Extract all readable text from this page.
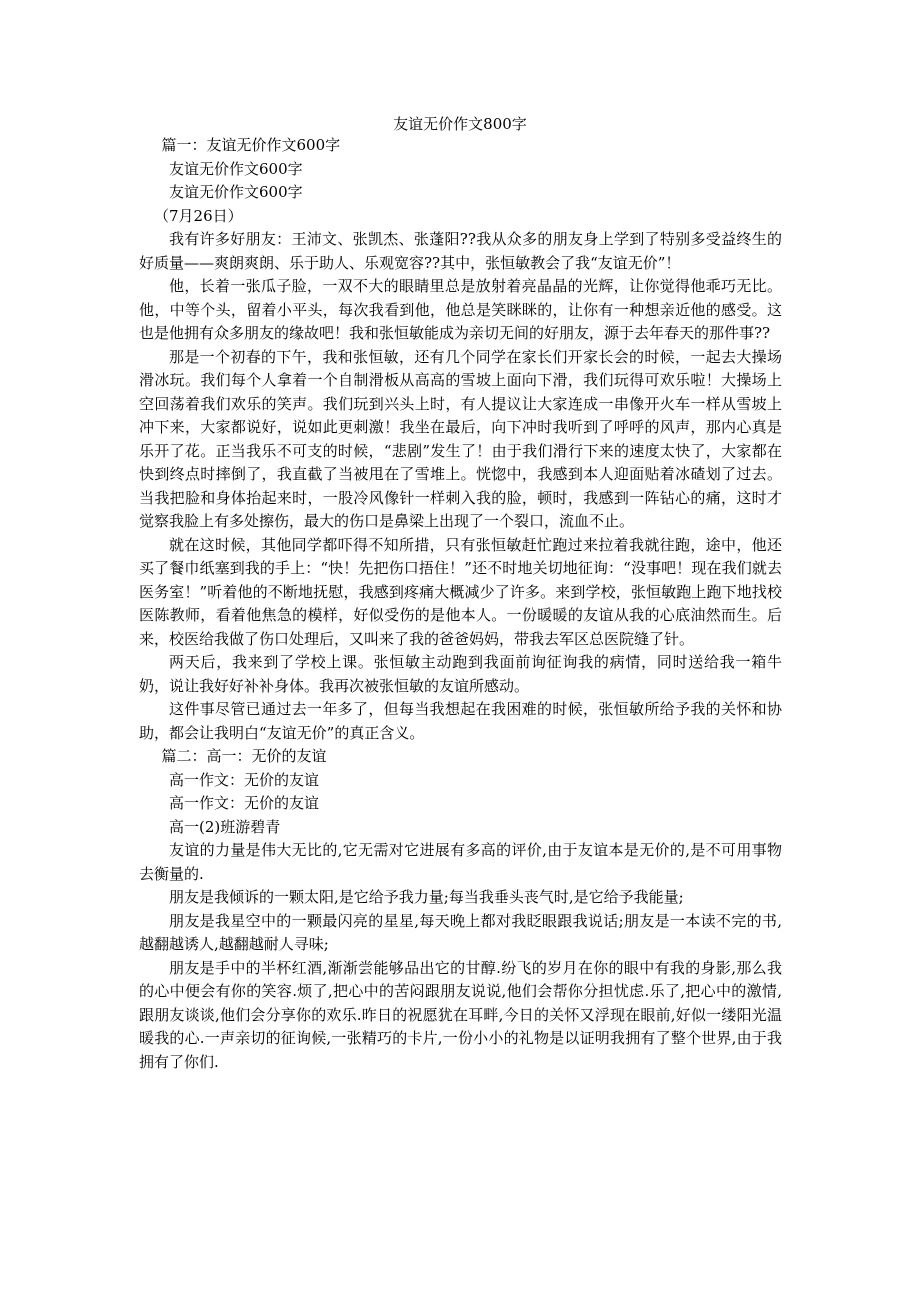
友谊无价作文800字

篇一：友谊无价作文600字

友谊无价作文600字

友谊无价作文600字

（7月26日）

我有许多好朋友：王沛文、张凯杰、张蓬阳??我从众多的朋友身上学到了特别多受益终生的好质量——爽朗爽朗、乐于助人、乐观宽容??其中，张恒敏教会了我“友谊无价”！

他，长着一张瓜子脸，一双不大的眼睛里总是放射着亮晶晶的光辉，让你觉得他乖巧无比。他，中等个头，留着小平头，每次我看到他，他总是笑眯眯的，让你有一种想亲近他的感受。这也是他拥有众多朋友的缘故吧！我和张恒敏能成为亲切无间的好朋友，源于去年春天的那件事??

那是一个初春的下午，我和张恒敏，还有几个同学在家长们开家长会的时候，一起去大操场滑冰玩。我们每个人拿着一个自制滑板从高高的雪坡上面向下滑，我们玩得可欢乐啦！大操场上空回荡着我们欢乐的笑声。我们玩到兴头上时，有人提议让大家连成一串像开火车一样从雪坡上冲下来，大家都说好，说如此更刺激！我坐在最后，向下冲时我听到了呼呼的风声，那内心真是乐开了花。正当我乐不可支的时候，“悲剧”发生了！由于我们滑行下来的速度太快了，大家都在快到终点时摔倒了，我直截了当被甩在了雪堆上。恍惚中，我感到本人迎面贴着冰碴划了过去。当我把脸和身体抬起来时，一股冷风像针一样刺入我的脸，顿时，我感到一阵钻心的痛，这时才觉察我脸上有多处擦伤，最大的伤口是鼻梁上出现了一个裂口，流血不止。

就在这时候，其他同学都吓得不知所措，只有张恒敏赶忙跑过来拉着我就往跑，途中，他还买了餐巾纸塞到我的手上：“快！先把伤口捂住！”还不时地关切地征询：“没事吧！现在我们就去医务室！”听着他的不断地抚慰，我感到疼痛大概减少了许多。来到学校，张恒敏跑上跑下地找校医陈教师，看着他焦急的模样，好似受伤的是他本人。一份暖暖的友谊从我的心底油然而生。后来，校医给我做了伤口处理后，又叫来了我的爸爸妈妈，带我去军区总医院缝了针。

两天后，我来到了学校上课。张恒敏主动跑到我面前询征询我的病情，同时送给我一箱牛奶，说让我好好补补身体。我再次被张恒敏的友谊所感动。

这件事尽管已通过去一年多了，但每当我想起在我困难的时候，张恒敏所给予我的关怀和协助，都会让我明白“友谊无价”的真正含义。

篇二：高一：无价的友谊

高一作文：无价的友谊

高一作文：无价的友谊

高一(2)班游碧青

友谊的力量是伟大无比的,它无需对它进展有多高的评价,由于友谊本是无价的,是不可用事物去衡量的.

朋友是我倾诉的一颗太阳,是它给予我力量;每当我垂头丧气时,是它给予我能量;

朋友是我星空中的一颗最闪亮的星星,每天晚上都对我眨眼跟我说话;朋友是一本读不完的书,越翻越诱人,越翻越耐人寻味;

朋友是手中的半杯红酒,渐渐尝能够品出它的甘醇.纷飞的岁月在你的眼中有我的身影,那么我的心中便会有你的笑容.烦了,把心中的苦闷跟朋友说说,他们会帮你分担忧虑.乐了,把心中的激情,跟朋友谈谈,他们会分享你的欢乐.昨日的祝愿犹在耳畔,今日的关怀又浮现在眼前,好似一缕阳光温暖我的心.一声亲切的征询候,一张精巧的卡片,一份小小的礼物是以证明我拥有了整个世界,由于我拥有了你们.
